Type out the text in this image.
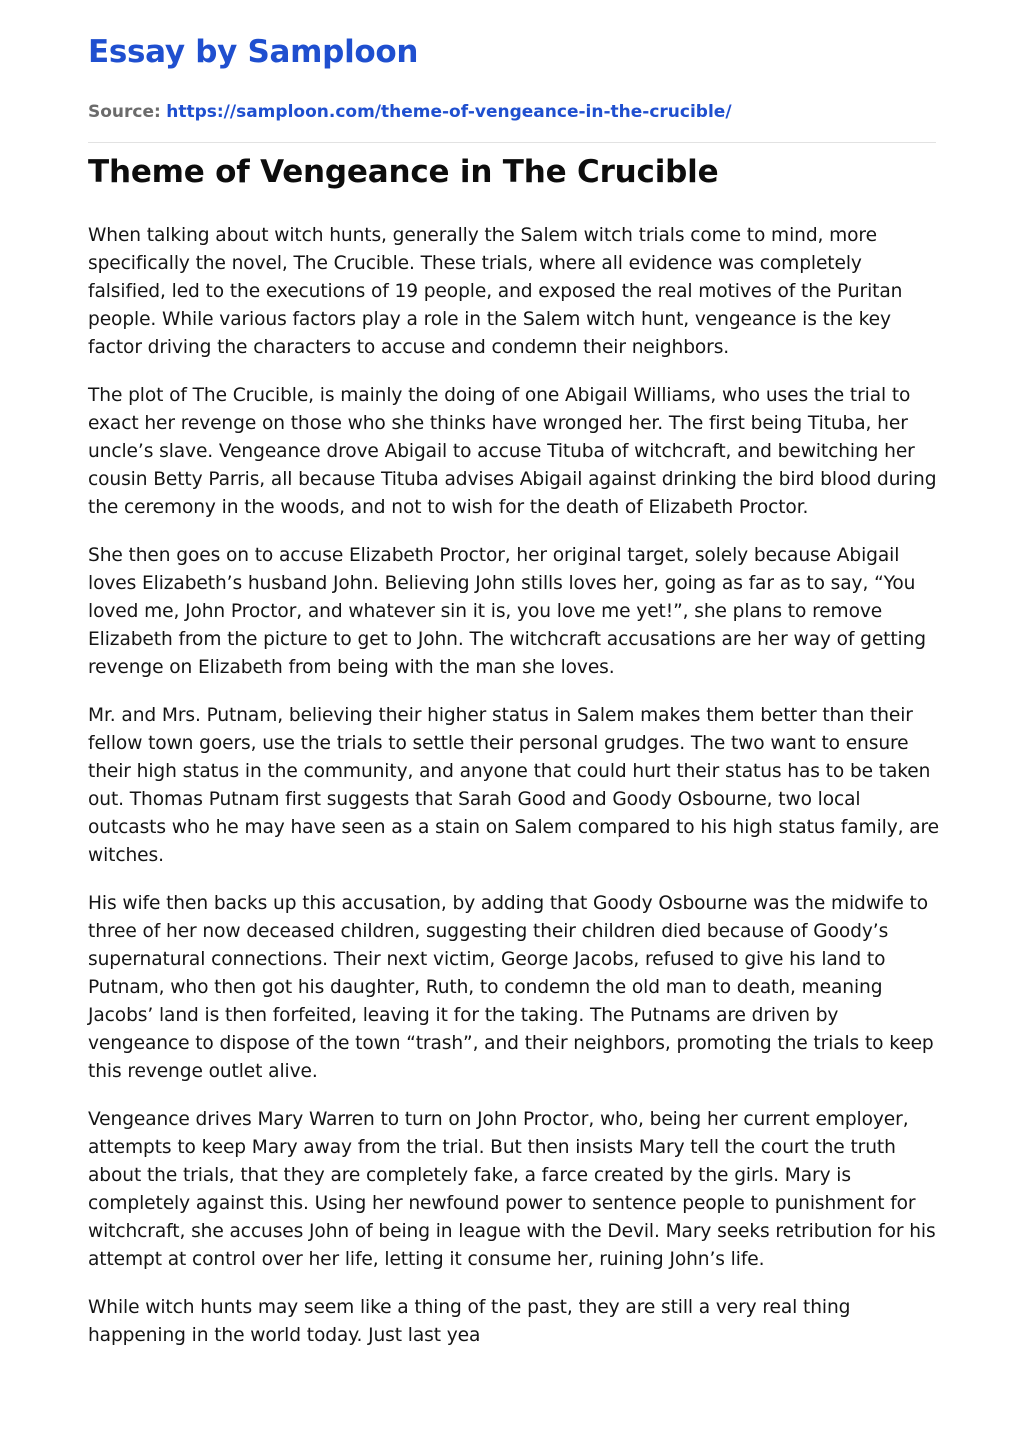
Essay by Samploon
Source: https://samploon.com/theme-of-vengeance-in-the-crucible/
Theme of Vengeance in The Crucible

When talking about witch hunts, generally the Salem witch trials come to mind, more specifically the novel, The Crucible. These trials, where all evidence was completely falsified, led to the executions of 19 people, and exposed the real motives of the Puritan people. While various factors play a role in the Salem witch hunt, vengeance is the key factor driving the characters to accuse and condemn their neighbors.

The plot of The Crucible, is mainly the doing of one Abigail Williams, who uses the trial to exact her revenge on those who she thinks have wronged her. The first being Tituba, her uncle’s slave. Vengeance drove Abigail to accuse Tituba of witchcraft, and bewitching her cousin Betty Parris, all because Tituba advises Abigail against drinking the bird blood during the ceremony in the woods, and not to wish for the death of Elizabeth Proctor.

She then goes on to accuse Elizabeth Proctor, her original target, solely because Abigail loves Elizabeth’s husband John. Believing John stills loves her, going as far as to say, “You loved me, John Proctor, and whatever sin it is, you love me yet!”, she plans to remove Elizabeth from the picture to get to John. The witchcraft accusations are her way of getting revenge on Elizabeth from being with the man she loves.

Mr. and Mrs. Putnam, believing their higher status in Salem makes them better than their fellow town goers, use the trials to settle their personal grudges. The two want to ensure their high status in the community, and anyone that could hurt their status has to be taken out. Thomas Putnam first suggests that Sarah Good and Goody Osbourne, two local outcasts who he may have seen as a stain on Salem compared to his high status family, are witches.

His wife then backs up this accusation, by adding that Goody Osbourne was the midwife to three of her now deceased children, suggesting their children died because of Goody’s supernatural connections. Their next victim, George Jacobs, refused to give his land to Putnam, who then got his daughter, Ruth, to condemn the old man to death, meaning Jacobs’ land is then forfeited, leaving it for the taking. The Putnams are driven by vengeance to dispose of the town “trash”, and their neighbors, promoting the trials to keep this revenge outlet alive.

Vengeance drives Mary Warren to turn on John Proctor, who, being her current employer, attempts to keep Mary away from the trial. But then insists Mary tell the court the truth about the trials, that they are completely fake, a farce created by the girls. Mary is completely against this. Using her newfound power to sentence people to punishment for witchcraft, she accuses John of being in league with the Devil. Mary seeks retribution for his attempt at control over her life, letting it consume her, ruining John’s life.

While witch hunts may seem like a thing of the past, they are still a very real thing happening in the world today. Just last yea
